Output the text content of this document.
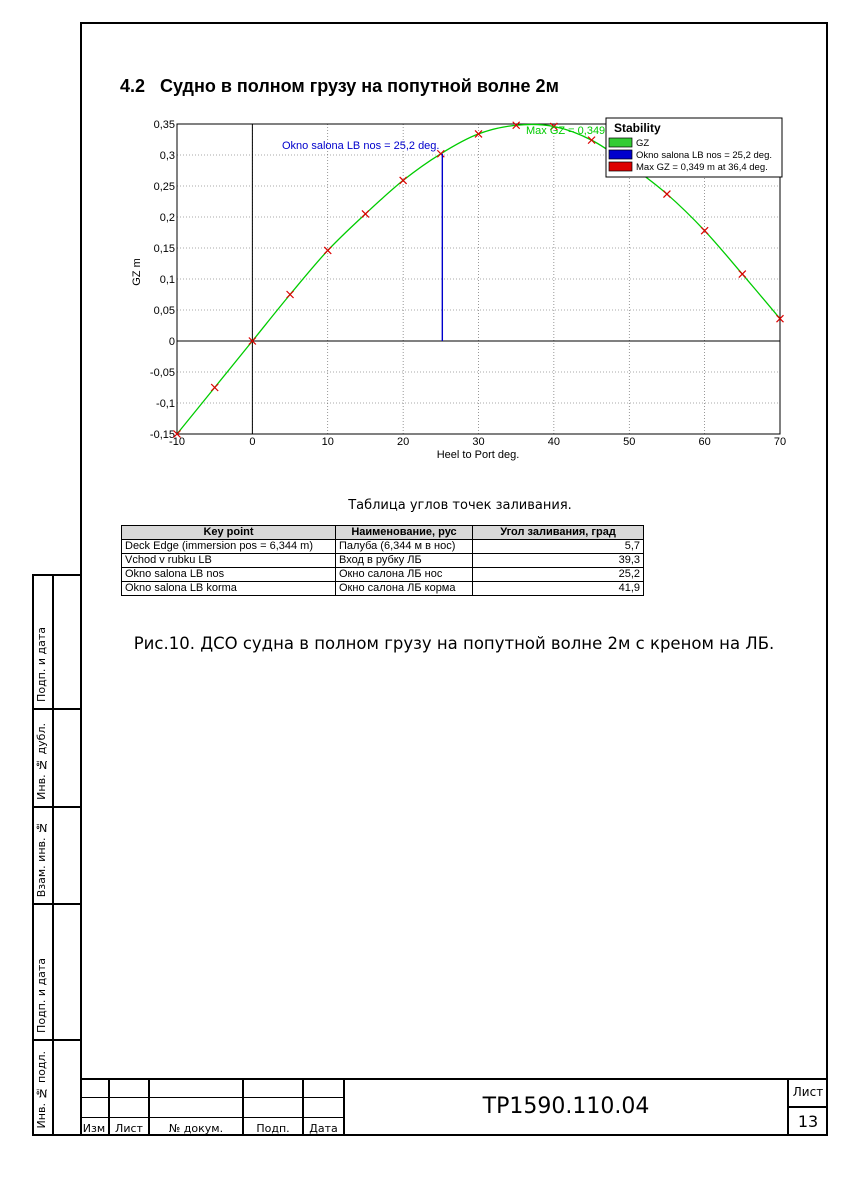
Подп. и дата
Инв. № дубл.
Взам. инв. №
Подп. и дата
Инв. № подл.
4.2 Судно в полном грузу на попутной волне 2м
-10	0	10	20	30	40	50	60	70
0,35
0,3
0,25
0,2
0,15
0,1
0,05
0
-0,05
-0,1
-0,15
Okno salona LB nos = 25,2 deg.
Max GZ = 0,349
Heel to Port deg.
GZ m
Stability
GZ
Okno salona LB nos = 25,2 deg.
Max GZ = 0,349 m at 36,4 deg.
Таблица углов точек заливания.
Key point	Наименование, рус	Угол заливания, град
Deck Edge (immersion pos = 6,344 m)	Палуба (6,344 м в нос)	5,7
Vchod v rubku LB	Вход в рубку ЛБ	39,3
Okno salona LB nos	Окно салона ЛБ нос	25,2
Okno salona LB korma	Окно салона ЛБ корма	41,9
Рис.10. ДСО судна в полном грузу на попутной волне 2м с креном на ЛБ.
Изм Лист	№ докум.	Подп.	Дата
ТР1590.110.04
Лист
13
